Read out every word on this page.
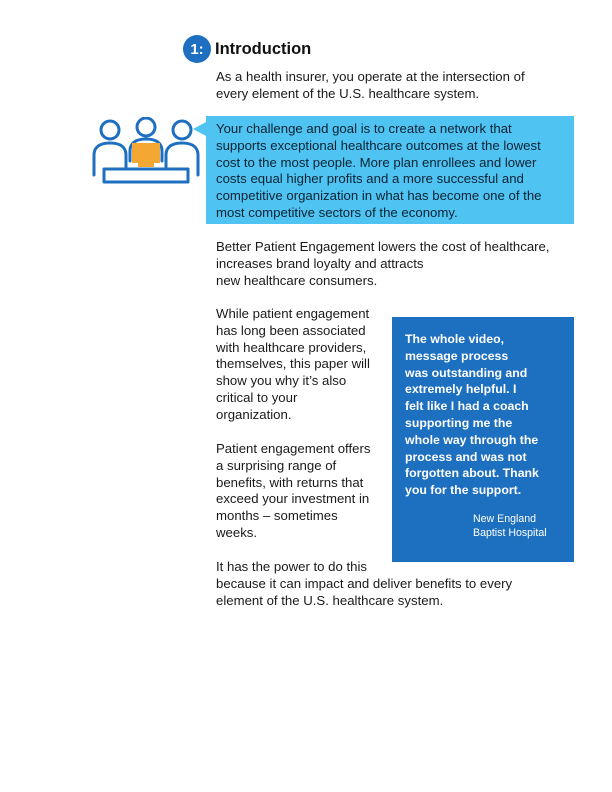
1: Introduction

As a health insurer, you operate at the intersection of
every element of the U.S. healthcare system.

Your challenge and goal is to create a network that
supports exceptional healthcare outcomes at the lowest
cost to the most people. More plan enrollees and lower
costs equal higher profits and a more successful and
competitive organization in what has become one of the
most competitive sectors of the economy.

Better Patient Engagement lowers the cost of healthcare,
increases brand loyalty and attracts
new healthcare consumers.

While patient engagement
has long been associated
with healthcare providers,
themselves, this paper will
show you why it’s also
critical to your
organization.

Patient engagement offers
a surprising range of
benefits, with returns that
exceed your investment in
months – sometimes
weeks.

It has the power to do this
because it can impact and deliver benefits to every
element of the U.S. healthcare system.

The whole video,
message process
was outstanding and
extremely helpful. I
felt like I had a coach
supporting me the
whole way through the
process and was not
forgotten about. Thank
you for the support.

New England
Baptist Hospital
